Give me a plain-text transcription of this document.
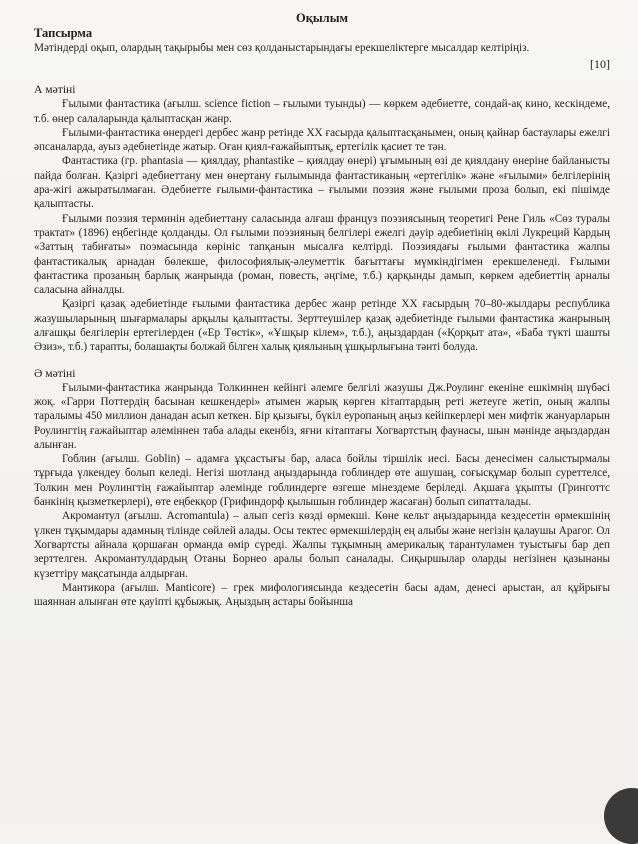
Оқылым

Тапсырма

Мәтіндерді оқып, олардың тақырыбы мен сөз қолданыстарындағы ерекшеліктерге мысалдар келтіріңіз.

[10]

А мәтіні

Ғылыми фантастика (ағылш. science fiction – ғылыми туынды) — көркем әдебиетте, сондай-ақ кино, кескіндеме, т.б. өнер салаларында қалыптасқан жанр.

Ғылыми-фантастика өнердегі дербес жанр ретінде XX ғасырда қалыптасқанымен, оның қайнар бастаулары ежелгі әпсаналарда, ауыз әдебиетінде жатыр. Оған қиял-ғажайыптық, ертегілік қасиет те тән.

Фантастика (гр. phantasia –– қиялдау, phantastike – қиялдау өнері) ұғымының өзі де қиялдану өнеріне байланысты пайда болған. Қазіргі әдебиеттану мен өнертану ғылымында фантастиканың «ертегілік» және «ғылыми» белгілерінің ара-жігі ажыратылмаған. Әдебиетте ғылыми-фантастика – ғылыми поэзия және ғылыми проза болып, екі пішімде қалыптасты.

Ғылыми поэзия терминін әдебиеттану саласында алғаш француз поэзиясының теоретигі Рене Гиль «Сөз туралы трактат» (1896) еңбегінде қолданды. Ол ғылыми поэзияның белгілері ежелгі дәуір әдебиетінің өкілі Лукреций Кардың «Заттың табиғаты» поэмасында көрініс тапқанын мысалға келтірді. Поэзиядағы ғылыми фантастика жалпы фантастикалық арнадан бөлекше, философиялық-әлеуметтік бағыттағы мүмкіндігімен ерекшеленеді. Ғылыми фантастика прозаның барлық жанрында (роман, повесть, әңгіме, т.б.) қарқынды дамып, көркем әдебиеттің арналы саласына айналды.

Қазіргі қазақ әдебиетінде ғылыми фантастика дербес жанр ретінде XX ғасырдың 70–80-жылдары республика жазушыларының шығармалары арқылы қалыптасты. Зерттеушілер қазақ әдебиетінде ғылыми фантастика жанрының алғашқы белгілерін ертегілерден («Ер Төстік», «Ұшқыр кілем», т.б.), аңыздардан («Қорқыт ата», «Баба түкті шашты Әзиз», т.б.) тарапты, болашақты болжай білген халық қиялының ұшқырлығына тәнті болуда.

Ә мәтіні

Ғылыми-фантастика жанрында Толкиннен кейінгі әлемге белгілі жазушы Дж.Роулинг екеніне ешкімнің шүбәсі жоқ. «Гарри Поттердің басынан кешкендері» атымен жарық көрген кітаптардың реті жетеуге жетіп, оның жалпы таралымы 450 миллион данадан асып кеткен. Бір қызығы, бүкіл еуропаның аңыз кейіпкерлері мен мифтік жануарларын Роулингтің ғажайыптар әлеміннен таба алады екенбіз, яғни кітаптағы Хогвартстың фаунасы, шын мәнінде аңыздардан алынған.

Гоблин (ағылш. Goblin) – адамға ұқсастығы бар, аласа бойлы тіршілік иесі. Басы денесімен салыстырмалы тұрғыда үлкендеу болып келеді. Негізі шотланд аңыздарында гоблиндер өте ашушаң, соғысқұмар болып суреттелсе, Толкин мен Роулингтің ғажайыптар әлемінде гоблиндерге өзгеше мінездеме беріледі. Ақшаға ұқыпты (Гринготтс банкінің қызметкерлері), өте еңбекқор (Грифиндорф қылышын гоблиндер жасаған) болып сипатталады.

Акромантул (ағылш. Acromantula) – алып сегіз көзді өрмекші. Көне кельт аңыздарында кездесетін өрмекшінің үлкен тұқымдары адамның тілінде сөйлей алады. Осы тектес өрмекшілердің ең алыбы және негізін қалаушы Арагог. Ол Хогвартсты айнала қоршаған орманда өмір сүреді. Жалпы тұқымның америкалық тарантуламен туыстығы бар деп зерттелген. Акромантулдардың Отаны Борнео аралы болып саналады. Сиқыршылар оларды негізінен қазынаны күзеттіру мақсатында алдырған.

Мантикора (ағылш. Manticore) – грек мифологиясында кездесетін басы адам, денесі арыстан, ал құйрығы шаяннан алынған өте қауіпті құбыжық. Аңыздың астары бойынша
